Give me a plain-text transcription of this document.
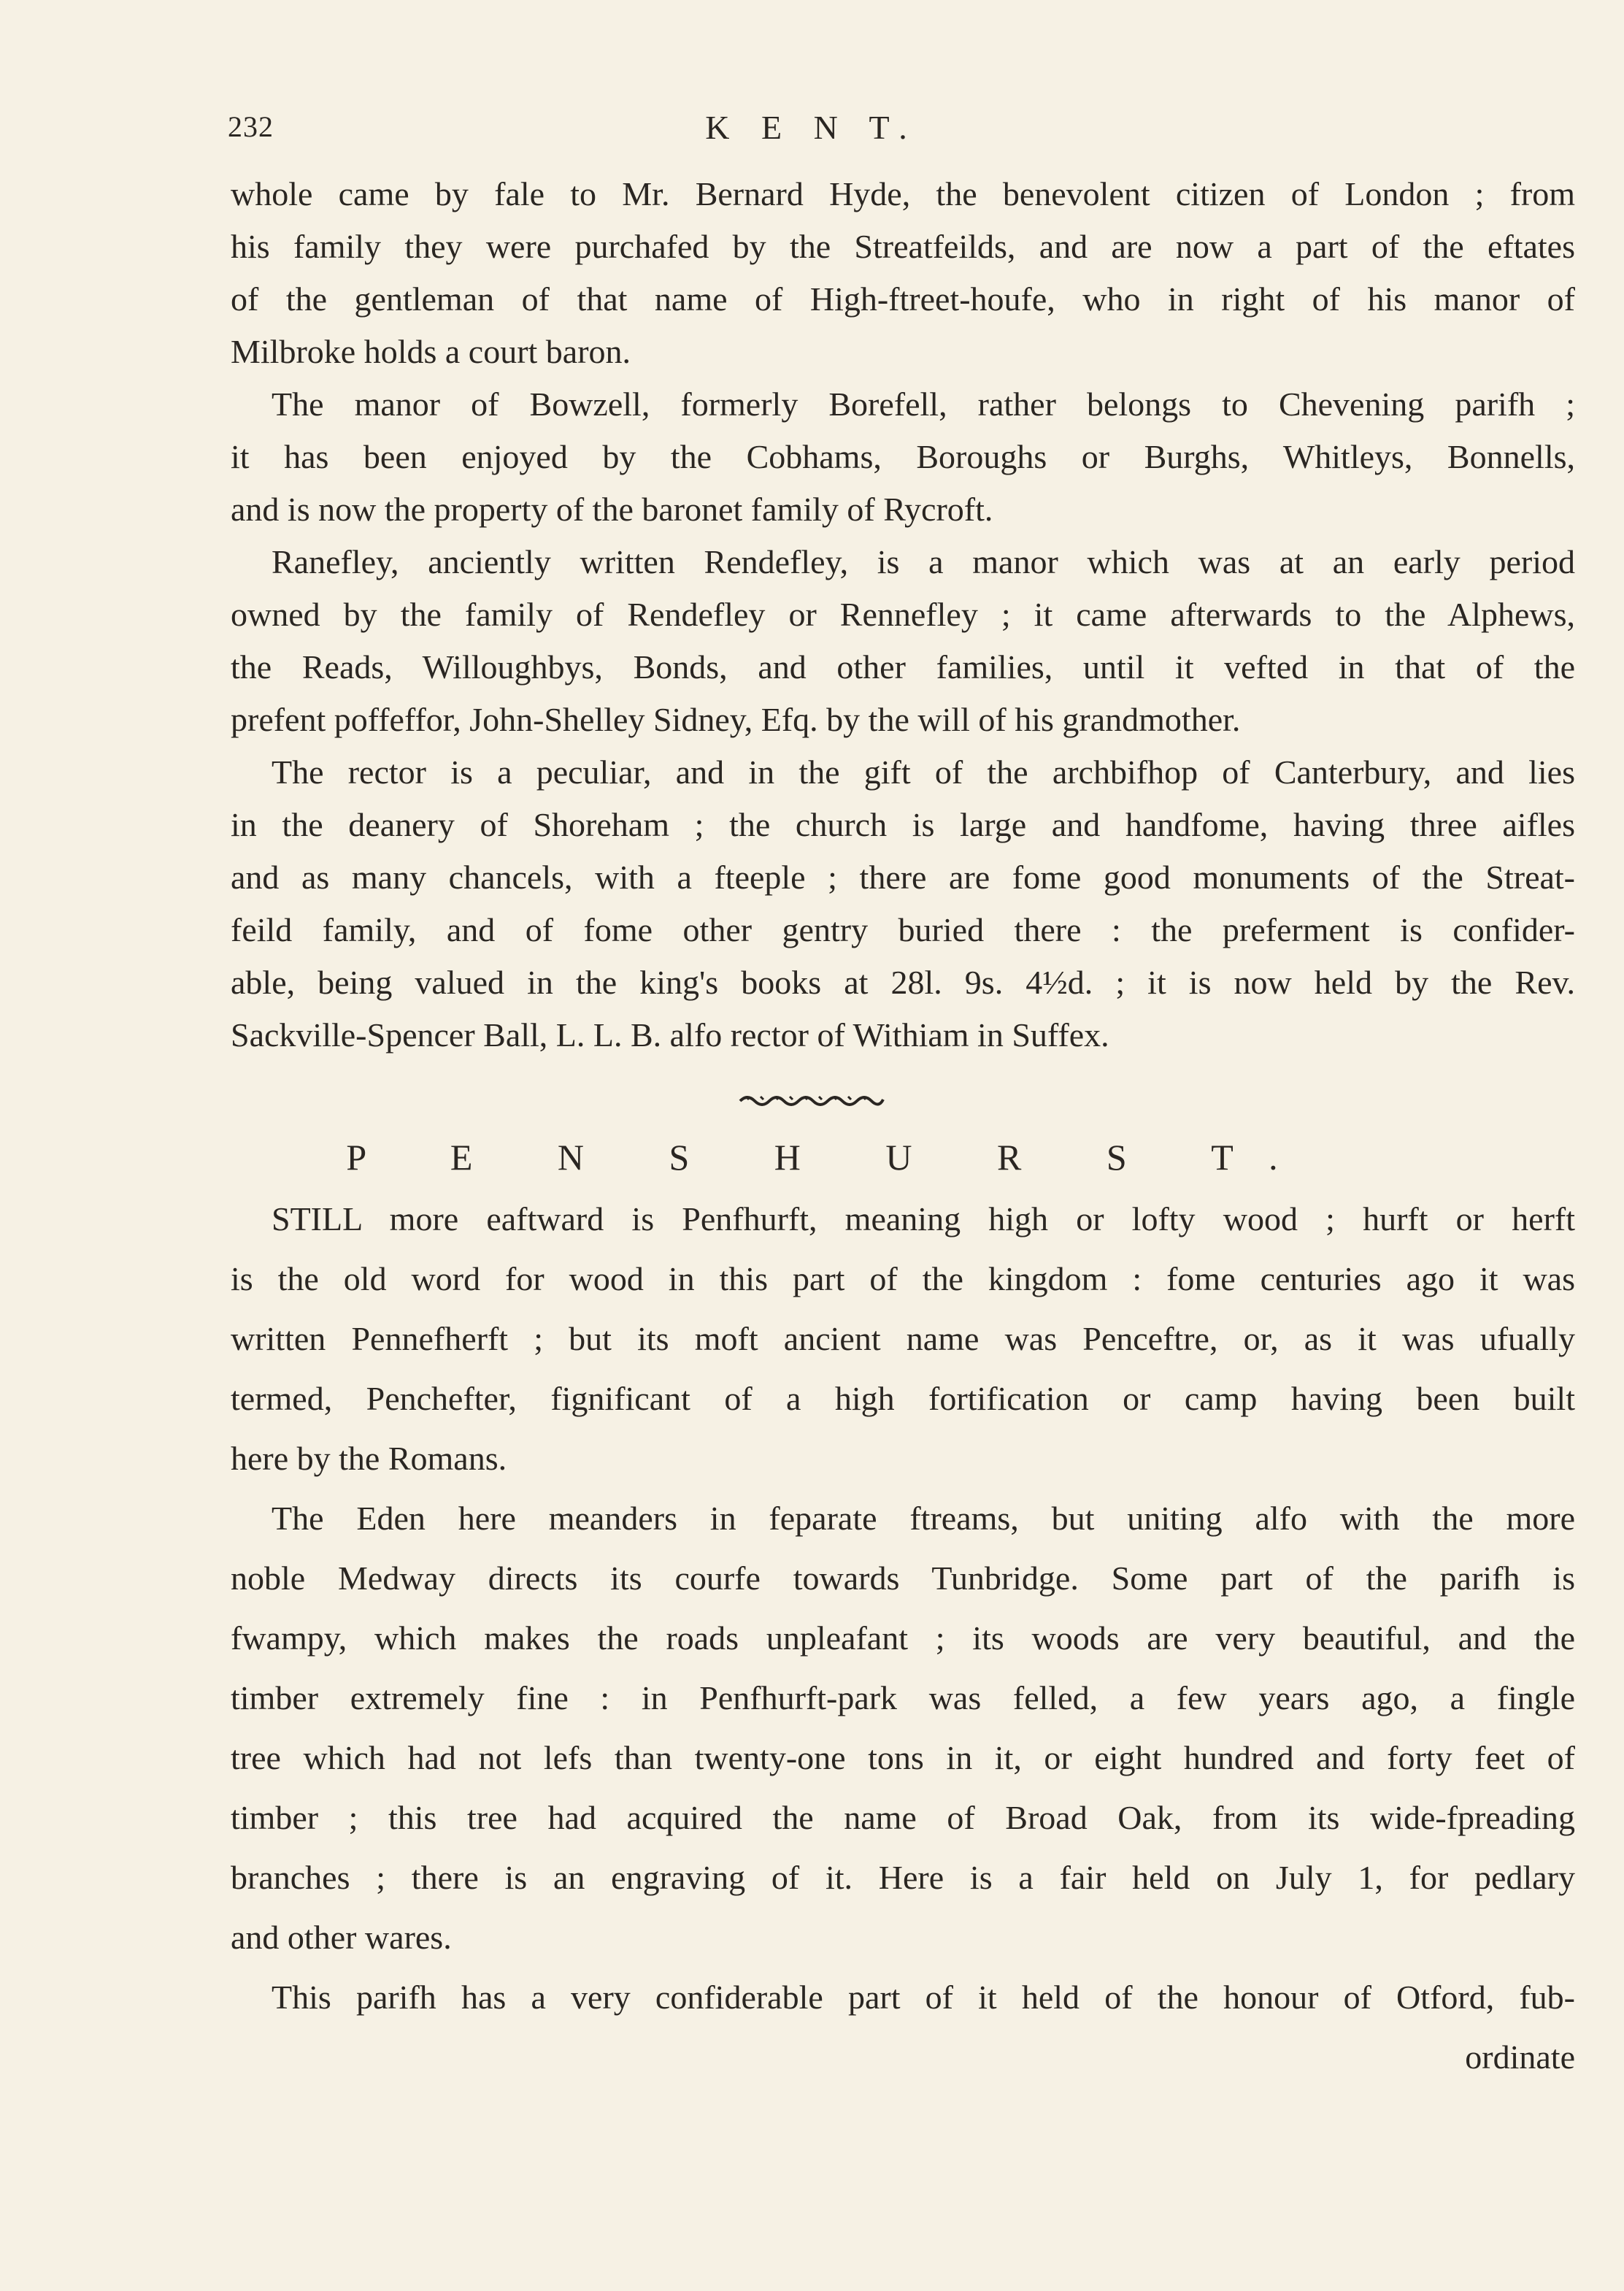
232	K E N T.
whole came by fale to Mr. Bernard Hyde, the benevolent citizen of London ; from
his family they were purchafed by the Streatfeilds, and are now a part of the eftates
of the gentleman of that name of High-ftreet-houfe, who in right of his manor of
Milbroke holds a court baron.
The manor of Bowzell, formerly Borefell, rather belongs to Chevening parifh ;
it has been enjoyed by the Cobhams, Boroughs or Burghs, Whitleys, Bonnells,
and is now the property of the baronet family of Rycroft.
Ranefley, anciently written Rendefley, is a manor which was at an early period
owned by the family of Rendefley or Rennefley ; it came afterwards to the Alphews,
the Reads, Willoughbys, Bonds, and other families, until it vefted in that of the
prefent poffeffor, John-Shelley Sidney, Efq. by the will of his grandmother.
The rector is a peculiar, and in the gift of the archbifhop of Canterbury, and lies
in the deanery of Shoreham ; the church is large and handfome, having three aifles
and as many chancels, with a fteeple ; there are fome good monuments of the Streat-
feild family, and of fome other gentry buried there : the preferment is confider-
able, being valued in the king's books at 28l. 9s. 4½d. ; it is now held by the Rev.
Sackville-Spencer Ball, L. L. B. alfo rector of Withiam in Suffex.
P E N S H U R S T.
STILL more eaftward is Penfhurft, meaning high or lofty wood ; hurft or herft
is the old word for wood in this part of the kingdom : fome centuries ago it was
written Pennefherft ; but its moft ancient name was Penceftre, or, as it was ufually
termed, Penchefter, fignificant of a high fortification or camp having been built
here by the Romans.
The Eden here meanders in feparate ftreams, but uniting alfo with the more
noble Medway directs its courfe towards Tunbridge. Some part of the parifh is
fwampy, which makes the roads unpleafant ; its woods are very beautiful, and the
timber extremely fine : in Penfhurft-park was felled, a few years ago, a fingle
tree which had not lefs than twenty-one tons in it, or eight hundred and forty feet of
timber ; this tree had acquired the name of Broad Oak, from its wide-fpreading
branches ; there is an engraving of it. Here is a fair held on July 1, for pedlary
and other wares.
This parifh has a very confiderable part of it held of the honour of Otford, fub-
ordinate
